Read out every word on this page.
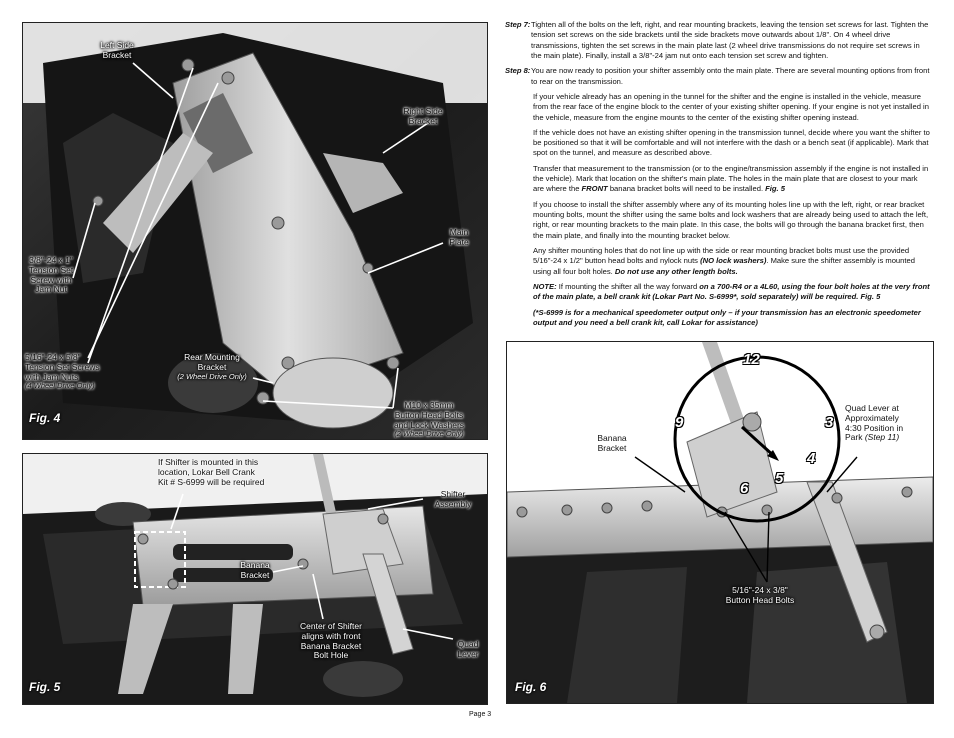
Left Side
Bracket
Right Side
Bracket
Main
Plate
3/8"-24 x 1"
Tension Set
Screw with
Jam Nut
5/16"-24 x 5/8"
Tension Set Screws
with Jam Nuts
(4 Wheel Drive Only)
Rear Mounting
Bracket
(2 Wheel Drive Only)
M10 x 35mm
Button Head Bolts
and Lock Washers
(2 Wheel Drive Only)
Fig. 4
If Shifter is mounted in this
location, Lokar Bell Crank
Kit # S-6999 will be required
Shifter
Assembly
Banana
Bracket
Center of Shifter
aligns with front
Banana Bracket
Bolt Hole
Quad
Lever
Fig. 5
Step 7: Tighten all of the bolts on the left, right, and rear mounting brackets, leaving the tension set screws for last. Tighten the tension set screws on the side brackets until the side brackets move outwards about 1/8". On 4 wheel drive transmissions, tighten the set screws in the main plate last (2 wheel drive transmissions do not require set screws in the main plate). Finally, install a 3/8"-24 jam nut onto each tension set screw and tighten.
Step 8: You are now ready to position your shifter assembly onto the main plate. There are several mounting options from front to rear on the transmission.

If your vehicle already has an opening in the tunnel for the shifter and the engine is installed in the vehicle, measure from the rear face of the engine block to the center of your existing shifter opening. If your engine is not yet installed in the vehicle, measure from the engine mounts to the center of the existing shifter opening instead.

If the vehicle does not have an existing shifter opening in the transmission tunnel, decide where you want the shifter to be positioned so that it will be comfortable and will not interfere with the dash or a bench seat (if applicable). Mark that spot on the tunnel, and measure as described above.

Transfer that measurement to the transmission (or to the engine/transmission assembly if the engine is not installed in the vehicle). Mark that location on the shifter's main plate. The holes in the main plate that are closest to your mark are where the FRONT banana bracket bolts will need to be installed. Fig. 5

If you choose to install the shifter assembly where any of its mounting holes line up with the left, right, or rear bracket mounting bolts, mount the shifter using the same bolts and lock washers that are already being used to attach the left, right, or rear mounting brackets to the main plate. In this case, the bolts will go through the banana bracket first, then the main plate, and finally into the mounting bracket below.

Any shifter mounting holes that do not line up with the side or rear mounting bracket bolts must use the provided 5/16"-24 x 1/2" button head bolts and nylock nuts (NO lock washers). Make sure the shifter assembly is mounted using all four bolt holes. Do not use any other length bolts.

NOTE: If mounting the shifter all the way forward on a 700-R4 or a 4L60, using the four bolt holes at the very front of the main plate, a bell crank kit (Lokar Part No. S-6999*, sold separately) will be required. Fig. 5

(*S-6999 is for a mechanical speedometer output only – if your transmission has an electronic speedometer output and you need a bell crank kit, call Lokar for assistance)

12
9	3
4
5
6
Banana
Bracket
Quad Lever at
Approximately
4:30 Position in
Park (Step 11)
5/16"-24 x 3/8"
Button Head Bolts
Fig. 6
Page 3
